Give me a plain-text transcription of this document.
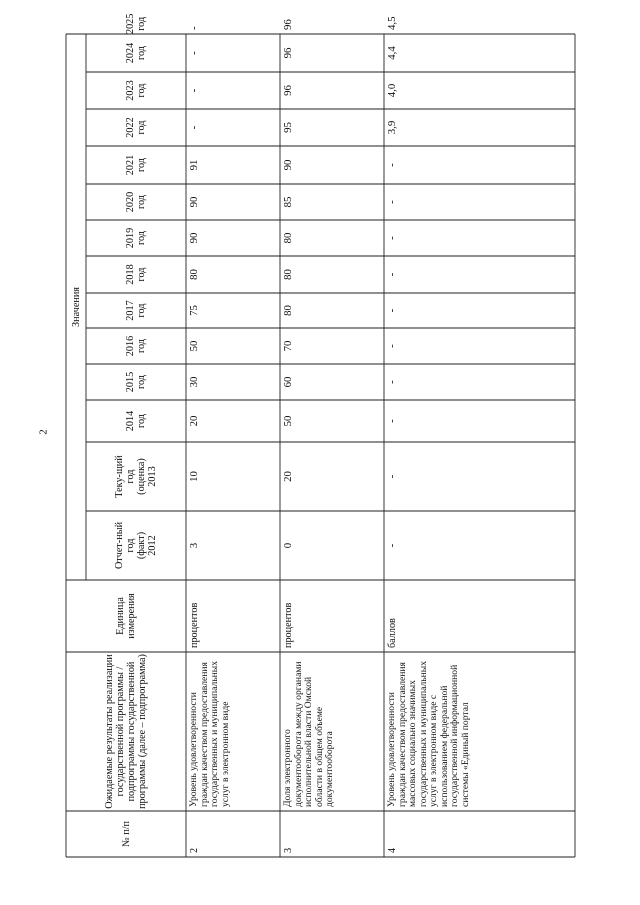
2
№ п/п
Ожидаемые результаты реализации государственной программы / подпрограммы государственной программы (далее – подпрограмма)
Единица измерения
Значения
Отчет-ный год (факт) 2012
Теку-щий год (оценка) 2013
2014 год
2015 год
2016 год
2017 год
2018 год
2019 год
2020 год
2021 год
2022 год
2023 год
2024 год
2025 год
2
Уровень удовлетворенности граждан качеством предоставления государственных и муниципальных услуг в электронном виде
процентов
3
10
20
30
50
75
80
90
90
91
-
-
-
-
3
Доля электронного документооборота между органами исполнительной власти Омской области в общем объеме документооборота
процентов
0
20
50
60
70
80
80
80
85
90
95
96
96
96
4
Уровень удовлетворенности граждан качеством предоставления массовых социально значимых государственных и муниципальных услуг в электронном виде с использованием федеральной государственной информационной системы «Единый портал
баллов
-
-
-
-
-
-
-
-
-
-
3,9
4,0
4,4
4,5
